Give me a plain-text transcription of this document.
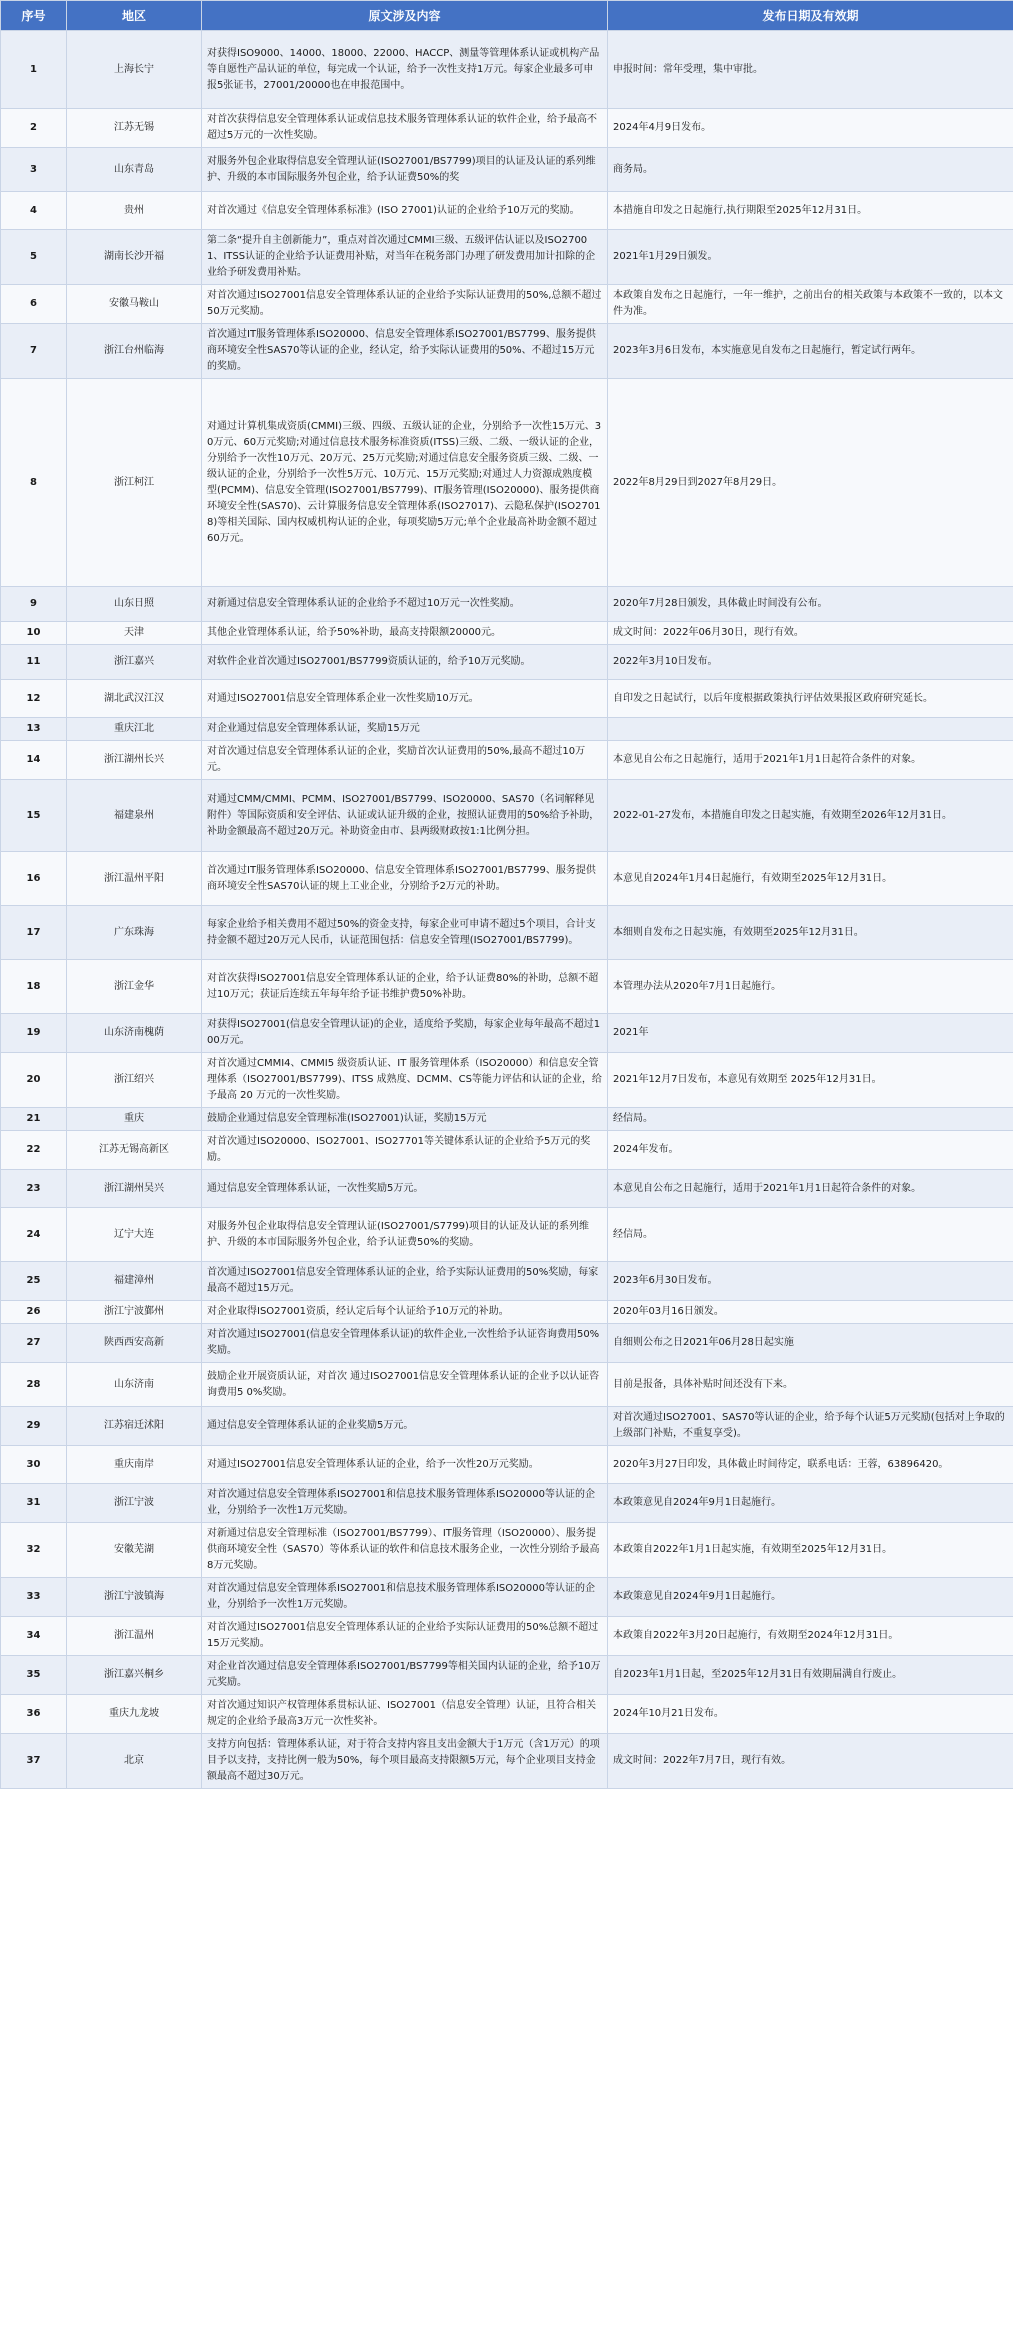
序号	地区	原文涉及内容	发布日期及有效期
1	上海长宁	对获得ISO9000、14000、18000、22000、HACCP、测量等管理体系认证或机构产品等自愿性产品认证的单位，每完成一个认证，给予一次性支持1万元。每家企业最多可申报5张证书，27001/20000也在申报范围中。	申报时间：常年受理，集中审批。
2	江苏无锡	对首次获得信息安全管理体系认证或信息技术服务管理体系认证的软件企业，给予最高不超过5万元的一次性奖励。	2024年4月9日发布。
3	山东青岛	对服务外包企业取得信息安全管理认证(ISO27001/BS7799)项目的认证及认证的系列维护、升级的本市国际服务外包企业，给予认证费50%的奖	商务局。
4	贵州	对首次通过《信息安全管理体系标准》(ISO 27001)认证的企业给予10万元的奖励。	本措施自印发之日起施行,执行期限至2025年12月31日。
5	湖南长沙开福	第二条“提升自主创新能力”，重点对首次通过CMMI三级、五级评估认证以及ISO27001、ITSS认证的企业给予认证费用补贴，对当年在税务部门办理了研发费用加计扣除的企业给予研发费用补贴。	2021年1月29日颁发。
6	安徽马鞍山	对首次通过ISO27001信息安全管理体系认证的企业给予实际认证费用的50%,总额不超过50万元奖励。	本政策自发布之日起施行，一年一维护，之前出台的相关政策与本政策不一致的，以本文件为准。
7	浙江台州临海	首次通过IT服务管理体系ISO20000、信息安全管理体系ISO27001/BS7799、服务提供商环境安全性SAS70等认证的企业，经认定，给予实际认证费用的50%、不超过15万元的奖励。	2023年3月6日发布，本实施意见自发布之日起施行，暂定试行两年。
8	浙江柯江	对通过计算机集成资质(CMMI)三级、四级、五级认证的企业，分别给予一次性15万元、30万元、60万元奖励;对通过信息技术服务标准资质(ITSS)三级、二级、一级认证的企业，分别给予一次性10万元、20万元、25万元奖励;对通过信息安全服务资质三级、二级、一级认证的企业，分别给予一次性5万元、10万元、15万元奖励;对通过人力资源成熟度模型(PCMM)、信息安全管理(ISO27001/BS7799)、IT服务管理(ISO20000)、服务提供商环境安全性(SAS70)、云计算服务信息安全管理体系(ISO27017)、云隐私保护(ISO27018)等相关国际、国内权威机构认证的企业，每项奖励5万元;单个企业最高补助金额不超过60万元。	2022年8月29日到2027年8月29日。
9	山东日照	对新通过信息安全管理体系认证的企业给予不超过10万元一次性奖励。	2020年7月28日颁发，具体截止时间没有公布。
10	天津	其他企业管理体系认证，给予50%补助，最高支持限额20000元。	成文时间：2022年06月30日，现行有效。
11	浙江嘉兴	对软件企业首次通过ISO27001/BS7799资质认证的，给予10万元奖励。	2022年3月10日发布。
12	湖北武汉江汉	对通过ISO27001信息安全管理体系企业一次性奖励10万元。	自印发之日起试行，以后年度根据政策执行评估效果报区政府研究延长。
13	重庆江北	对企业通过信息安全管理体系认证，奖励15万元	
14	浙江湖州长兴	对首次通过信息安全管理体系认证的企业，奖励首次认证费用的50%,最高不超过10万元。	本意见自公布之日起施行，适用于2021年1月1日起符合条件的对象。
15	福建泉州	对通过CMM/CMMI、PCMM、ISO27001/BS7799、ISO20000、SAS70（名词解释见附件）等国际资质和安全评估、认证或认证升级的企业，按照认证费用的50%给予补助，补助金额最高不超过20万元。补助资金由市、县两级财政按1:1比例分担。	2022-01-27发布，本措施自印发之日起实施，有效期至2026年12月31日。
16	浙江温州平阳	首次通过IT服务管理体系ISO20000、信息安全管理体系ISO27001/BS7799、服务提供商环境安全性SAS70认证的规上工业企业，分别给予2万元的补助。	本意见自2024年1月4日起施行，有效期至2025年12月31日。
17	广东珠海	每家企业给予相关费用不超过50%的资金支持，每家企业可申请不超过5个项目，合计支持金额不超过20万元人民币，认证范围包括：信息安全管理(ISO27001/BS7799)。	本细则自发布之日起实施，有效期至2025年12月31日。
18	浙江金华	对首次获得ISO27001信息安全管理体系认证的企业，给予认证费80%的补助，总额不超过10万元；获证后连续五年每年给予证书维护费50%补助。	本管理办法从2020年7月1日起施行。
19	山东济南槐荫	对获得ISO27001(信息安全管理认证)的企业，适度给予奖励，每家企业每年最高不超过100万元。	2021年
20	浙江绍兴	对首次通过CMMI4、CMMI5 级资质认证、IT 服务管理体系（ISO20000）和信息安全管理体系（ISO27001/BS7799)、ITSS 成熟度、DCMM、CS等能力评估和认证的企业，给予最高 20 万元的一次性奖励。	2021年12月7日发布，本意见有效期至 2025年12月31日。
21	重庆	鼓励企业通过信息安全管理标准(ISO27001)认证，奖励15万元	经信局。
22	江苏无锡高新区	对首次通过ISO20000、ISO27001、ISO27701等关键体系认证的企业给予5万元的奖励。	2024年发布。
23	浙江湖州吴兴	通过信息安全管理体系认证，一次性奖励5万元。	本意见自公布之日起施行，适用于2021年1月1日起符合条件的对象。
24	辽宁大连	对服务外包企业取得信息安全管理认证(ISO27001/S7799)项目的认证及认证的系列维护、升级的本市国际服务外包企业，给予认证费50%的奖励。	经信局。
25	福建漳州	首次通过ISO27001信息安全管理体系认证的企业，给予实际认证费用的50%奖励，每家最高不超过15万元。	2023年6月30日发布。
26	浙江宁波鄞州	对企业取得ISO27001资质，经认定后每个认证给予10万元的补助。	2020年03月16日颁发。
27	陕西西安高新	对首次通过ISO27001(信息安全管理体系认证)的软件企业,一次性给予认证咨询费用50%奖励。	自细则公布之日2021年06月28日起实施
28	山东济南	鼓励企业开展资质认证，对首次 通过ISO27001信息安全管理体系认证的企业予以认证咨询费用5 0%奖励。	目前是报备，具体补贴时间还没有下来。
29	江苏宿迁沭阳	通过信息安全管理体系认证的企业奖励5万元。	对首次通过ISO27001、SAS70等认证的企业，给予每个认证5万元奖励(包括对上争取的上级部门补贴，不重复享受)。
30	重庆南岸	对通过ISO27001信息安全管理体系认证的企业，给予一次性20万元奖励。	2020年3月27日印发，具体截止时间待定，联系电话：王蓉，63896420。
31	浙江宁波	对首次通过信息安全管理体系ISO27001和信息技术服务管理体系ISO20000等认证的企业，分别给予一次性1万元奖励。	本政策意见自2024年9月1日起施行。
32	安徽芜湖	对新通过信息安全管理标准（ISO27001/BS7799）、IT服务管理（ISO20000）、服务提供商环境安全性（SAS70）等体系认证的软件和信息技术服务企业，一次性分别给予最高8万元奖励。	本政策自2022年1月1日起实施，有效期至2025年12月31日。
33	浙江宁波镇海	对首次通过信息安全管理体系ISO27001和信息技术服务管理体系ISO20000等认证的企业，分别给予一次性1万元奖励。	本政策意见自2024年9月1日起施行。
34	浙江温州	对首次通过ISO27001信息安全管理体系认证的企业给予实际认证费用的50%总额不超过15万元奖励。	本政策自2022年3月20日起施行，有效期至2024年12月31日。
35	浙江嘉兴桐乡	对企业首次通过信息安全管理体系ISO27001/BS7799等相关国内认证的企业，给予10万元奖励。	自2023年1月1日起，至2025年12月31日有效期届满自行废止。
36	重庆九龙坡	对首次通过知识产权管理体系贯标认证、ISO27001（信息安全管理）认证，且符合相关规定的企业给予最高3万元一次性奖补。	2024年10月21日发布。
37	北京	支持方向包括：管理体系认证，对于符合支持内容且支出金额大于1万元（含1万元）的项目予以支持，支持比例一般为50%，每个项目最高支持限额5万元，每个企业项目支持金额最高不超过30万元。	成文时间：2022年7月7日，现行有效。
